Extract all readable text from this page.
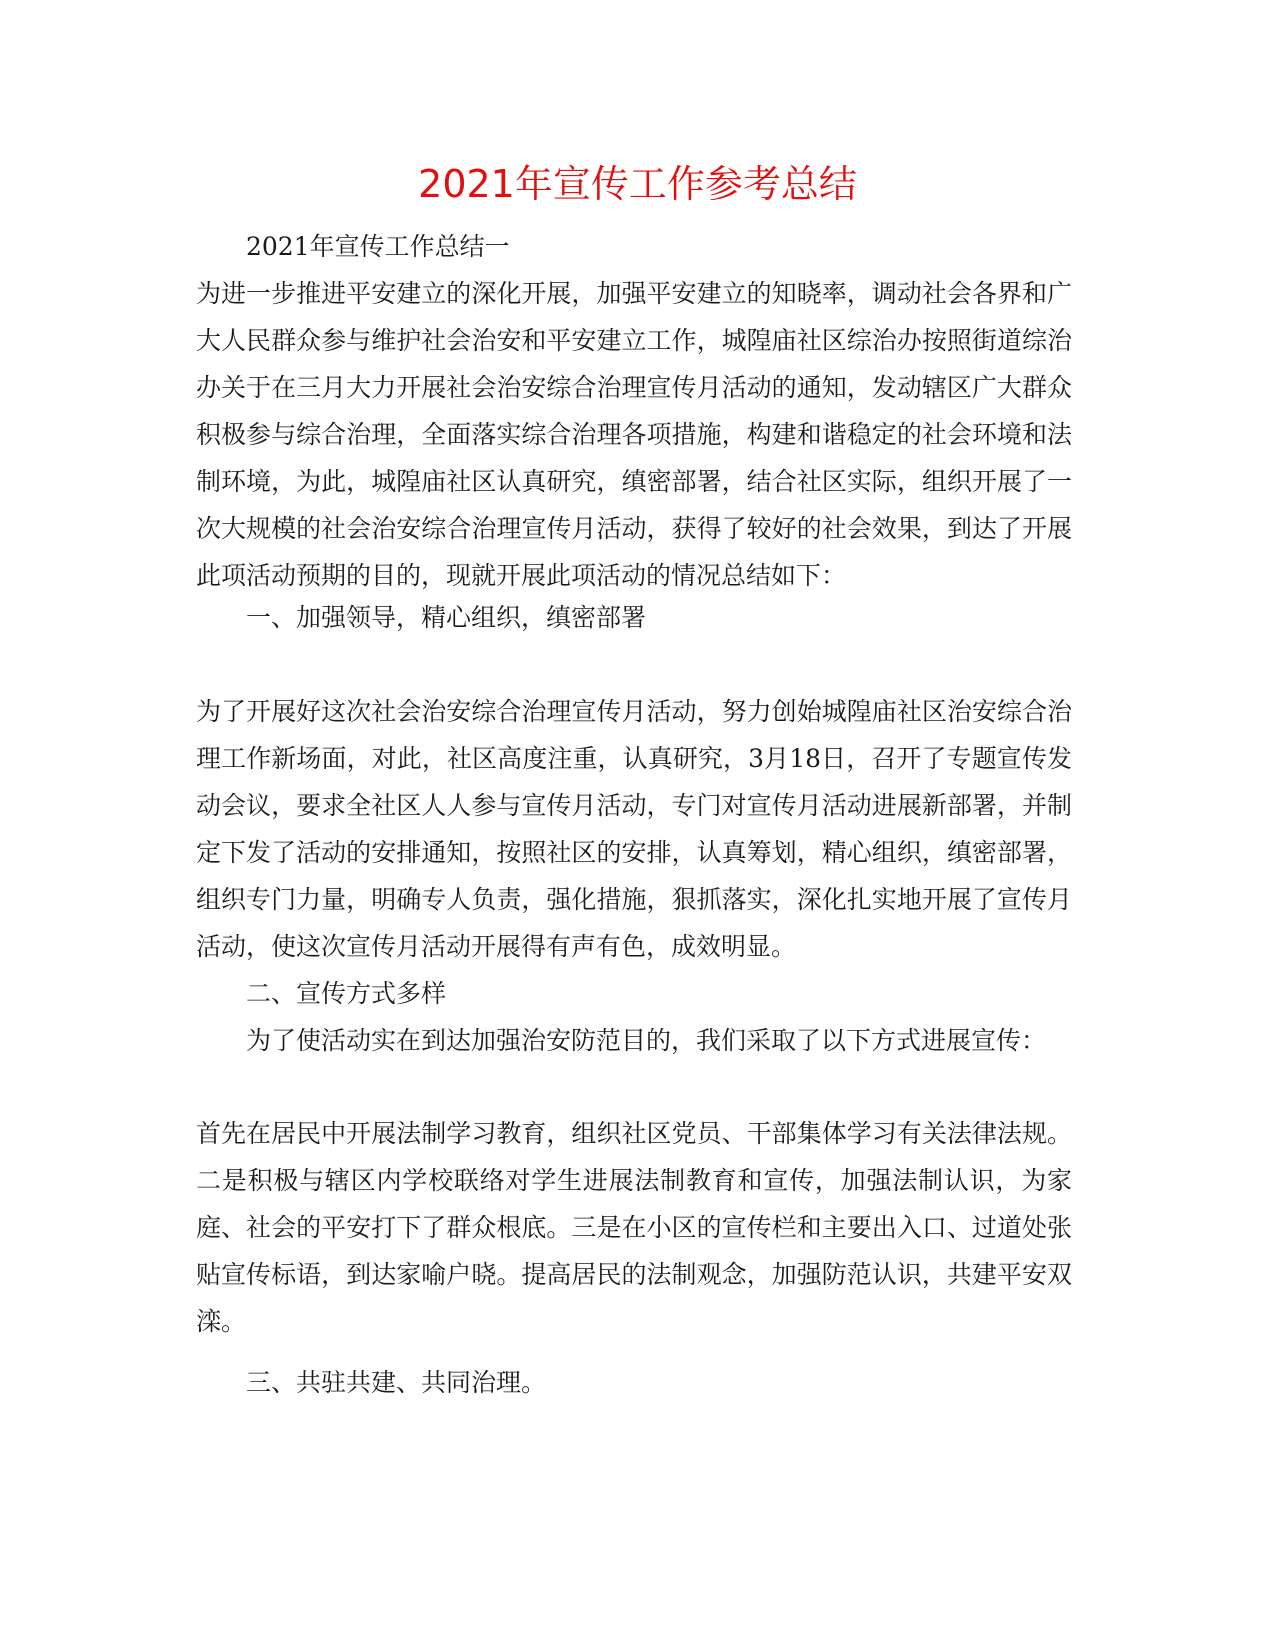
2021年宣传工作参考总结

2021年宣传工作总结一

为进一步推进平安建立的深化开展，加强平安建立的知晓率，调动社会各界和广大人民群众参与维护社会治安和平安建立工作，城隍庙社区综治办按照街道综治办关于在三月大力开展社会治安综合治理宣传月活动的通知，发动辖区广大群众积极参与综合治理，全面落实综合治理各项措施，构建和谐稳定的社会环境和法制环境，为此，城隍庙社区认真研究，缜密部署，结合社区实际，组织开展了一次大规模的社会治安综合治理宣传月活动，获得了较好的社会效果，到达了开展此项活动预期的目的，现就开展此项活动的情况总结如下：

一、加强领导，精心组织，缜密部署

为了开展好这次社会治安综合治理宣传月活动，努力创始城隍庙社区治安综合治理工作新场面，对此，社区高度注重，认真研究，3月18日，召开了专题宣传发动会议，要求全社区人人参与宣传月活动，专门对宣传月活动进展新部署，并制定下发了活动的安排通知，按照社区的安排，认真筹划，精心组织，缜密部署，组织专门力量，明确专人负责，强化措施，狠抓落实，深化扎实地开展了宣传月活动，使这次宣传月活动开展得有声有色，成效明显。

二、宣传方式多样

为了使活动实在到达加强治安防范目的，我们采取了以下方式进展宣传：

首先在居民中开展法制学习教育，组织社区党员、干部集体学习有关法律法规。二是积极与辖区内学校联络对学生进展法制教育和宣传，加强法制认识，为家庭、社会的平安打下了群众根底。三是在小区的宣传栏和主要出入口、过道处张贴宣传标语，到达家喻户晓。提高居民的法制观念，加强防范认识，共建平安双滦。

三、共驻共建、共同治理。
